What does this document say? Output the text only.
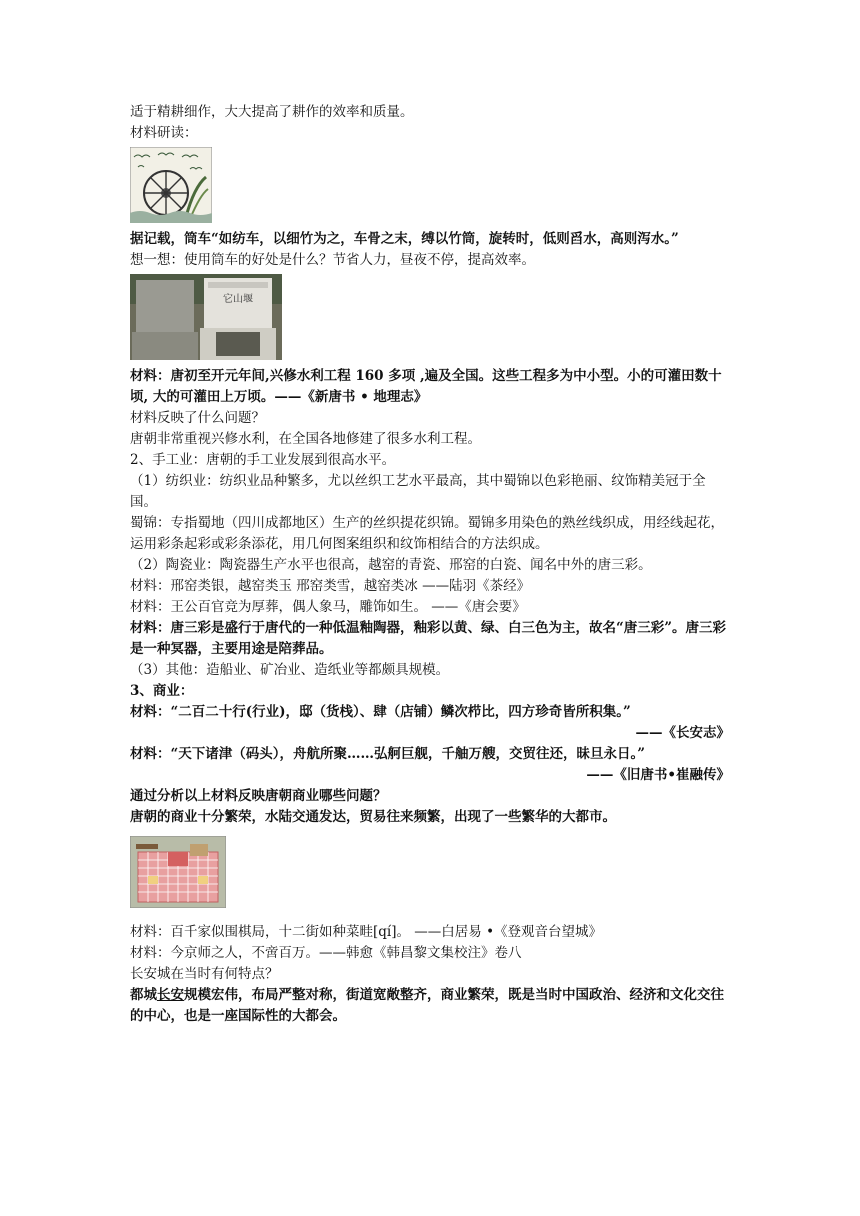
适于精耕细作，大大提高了耕作的效率和质量。
材料研读：
据记载，筒车“如纺车，以细竹为之，车骨之末，缚以竹筒，旋转时，低则舀水，高则泻水。”
想一想：使用筒车的好处是什么？节省人力，昼夜不停，提高效率。
它山堰
材料：唐初至开元年间,兴修水利工程 160 多项 ,遍及全国。这些工程多为中小型。小的可灌田数十顷, 大的可灌田上万顷。——《新唐书 • 地理志》
材料反映了什么问题？
唐朝非常重视兴修水利，在全国各地修建了很多水利工程。
2、手工业：唐朝的手工业发展到很高水平。
（1）纺织业：纺织业品种繁多，尤以丝织工艺水平最高，其中蜀锦以色彩艳丽、纹饰精美冠于全国。
蜀锦：专指蜀地（四川成都地区）生产的丝织提花织锦。蜀锦多用染色的熟丝线织成，用经线起花，运用彩条起彩或彩条添花，用几何图案组织和纹饰相结合的方法织成。
（2）陶瓷业：陶瓷器生产水平也很高，越窑的青瓷、邢窑的白瓷、闻名中外的唐三彩。
材料：邢窑类银，越窑类玉 邢窑类雪，越窑类冰 ——陆羽《茶经》
材料：王公百官竞为厚葬，偶人象马，雕饰如生。 ——《唐会要》
材料：唐三彩是盛行于唐代的一种低温釉陶器，釉彩以黄、绿、白三色为主，故名“唐三彩”。唐三彩是一种冥器，主要用途是陪葬品。
（3）其他：造船业、矿冶业、造纸业等都颇具规模。
3、商业：
材料：“二百二十行(行业)，邸（货栈）、肆（店铺）鳞次栉比，四方珍奇皆所积集。”
——《长安志》
材料：“天下诸津（码头），舟航所聚……弘舸巨舰，千舳万艘，交贸往还，昧旦永日。”
——《旧唐书•崔融传》
通过分析以上材料反映唐朝商业哪些问题？
唐朝的商业十分繁荣，水陆交通发达，贸易往来频繁，出现了一些繁华的大都市。
材料：百千家似围棋局，十二街如种菜畦[qí]。 ——白居易 •《登观音台望城》
材料：今京师之人，不啻百万。——韩愈《韩昌黎文集校注》卷八
长安城在当时有何特点？
都城长安规模宏伟，布局严整对称，街道宽敞整齐，商业繁荣，既是当时中国政治、经济和文化交往的中心，也是一座国际性的大都会。
